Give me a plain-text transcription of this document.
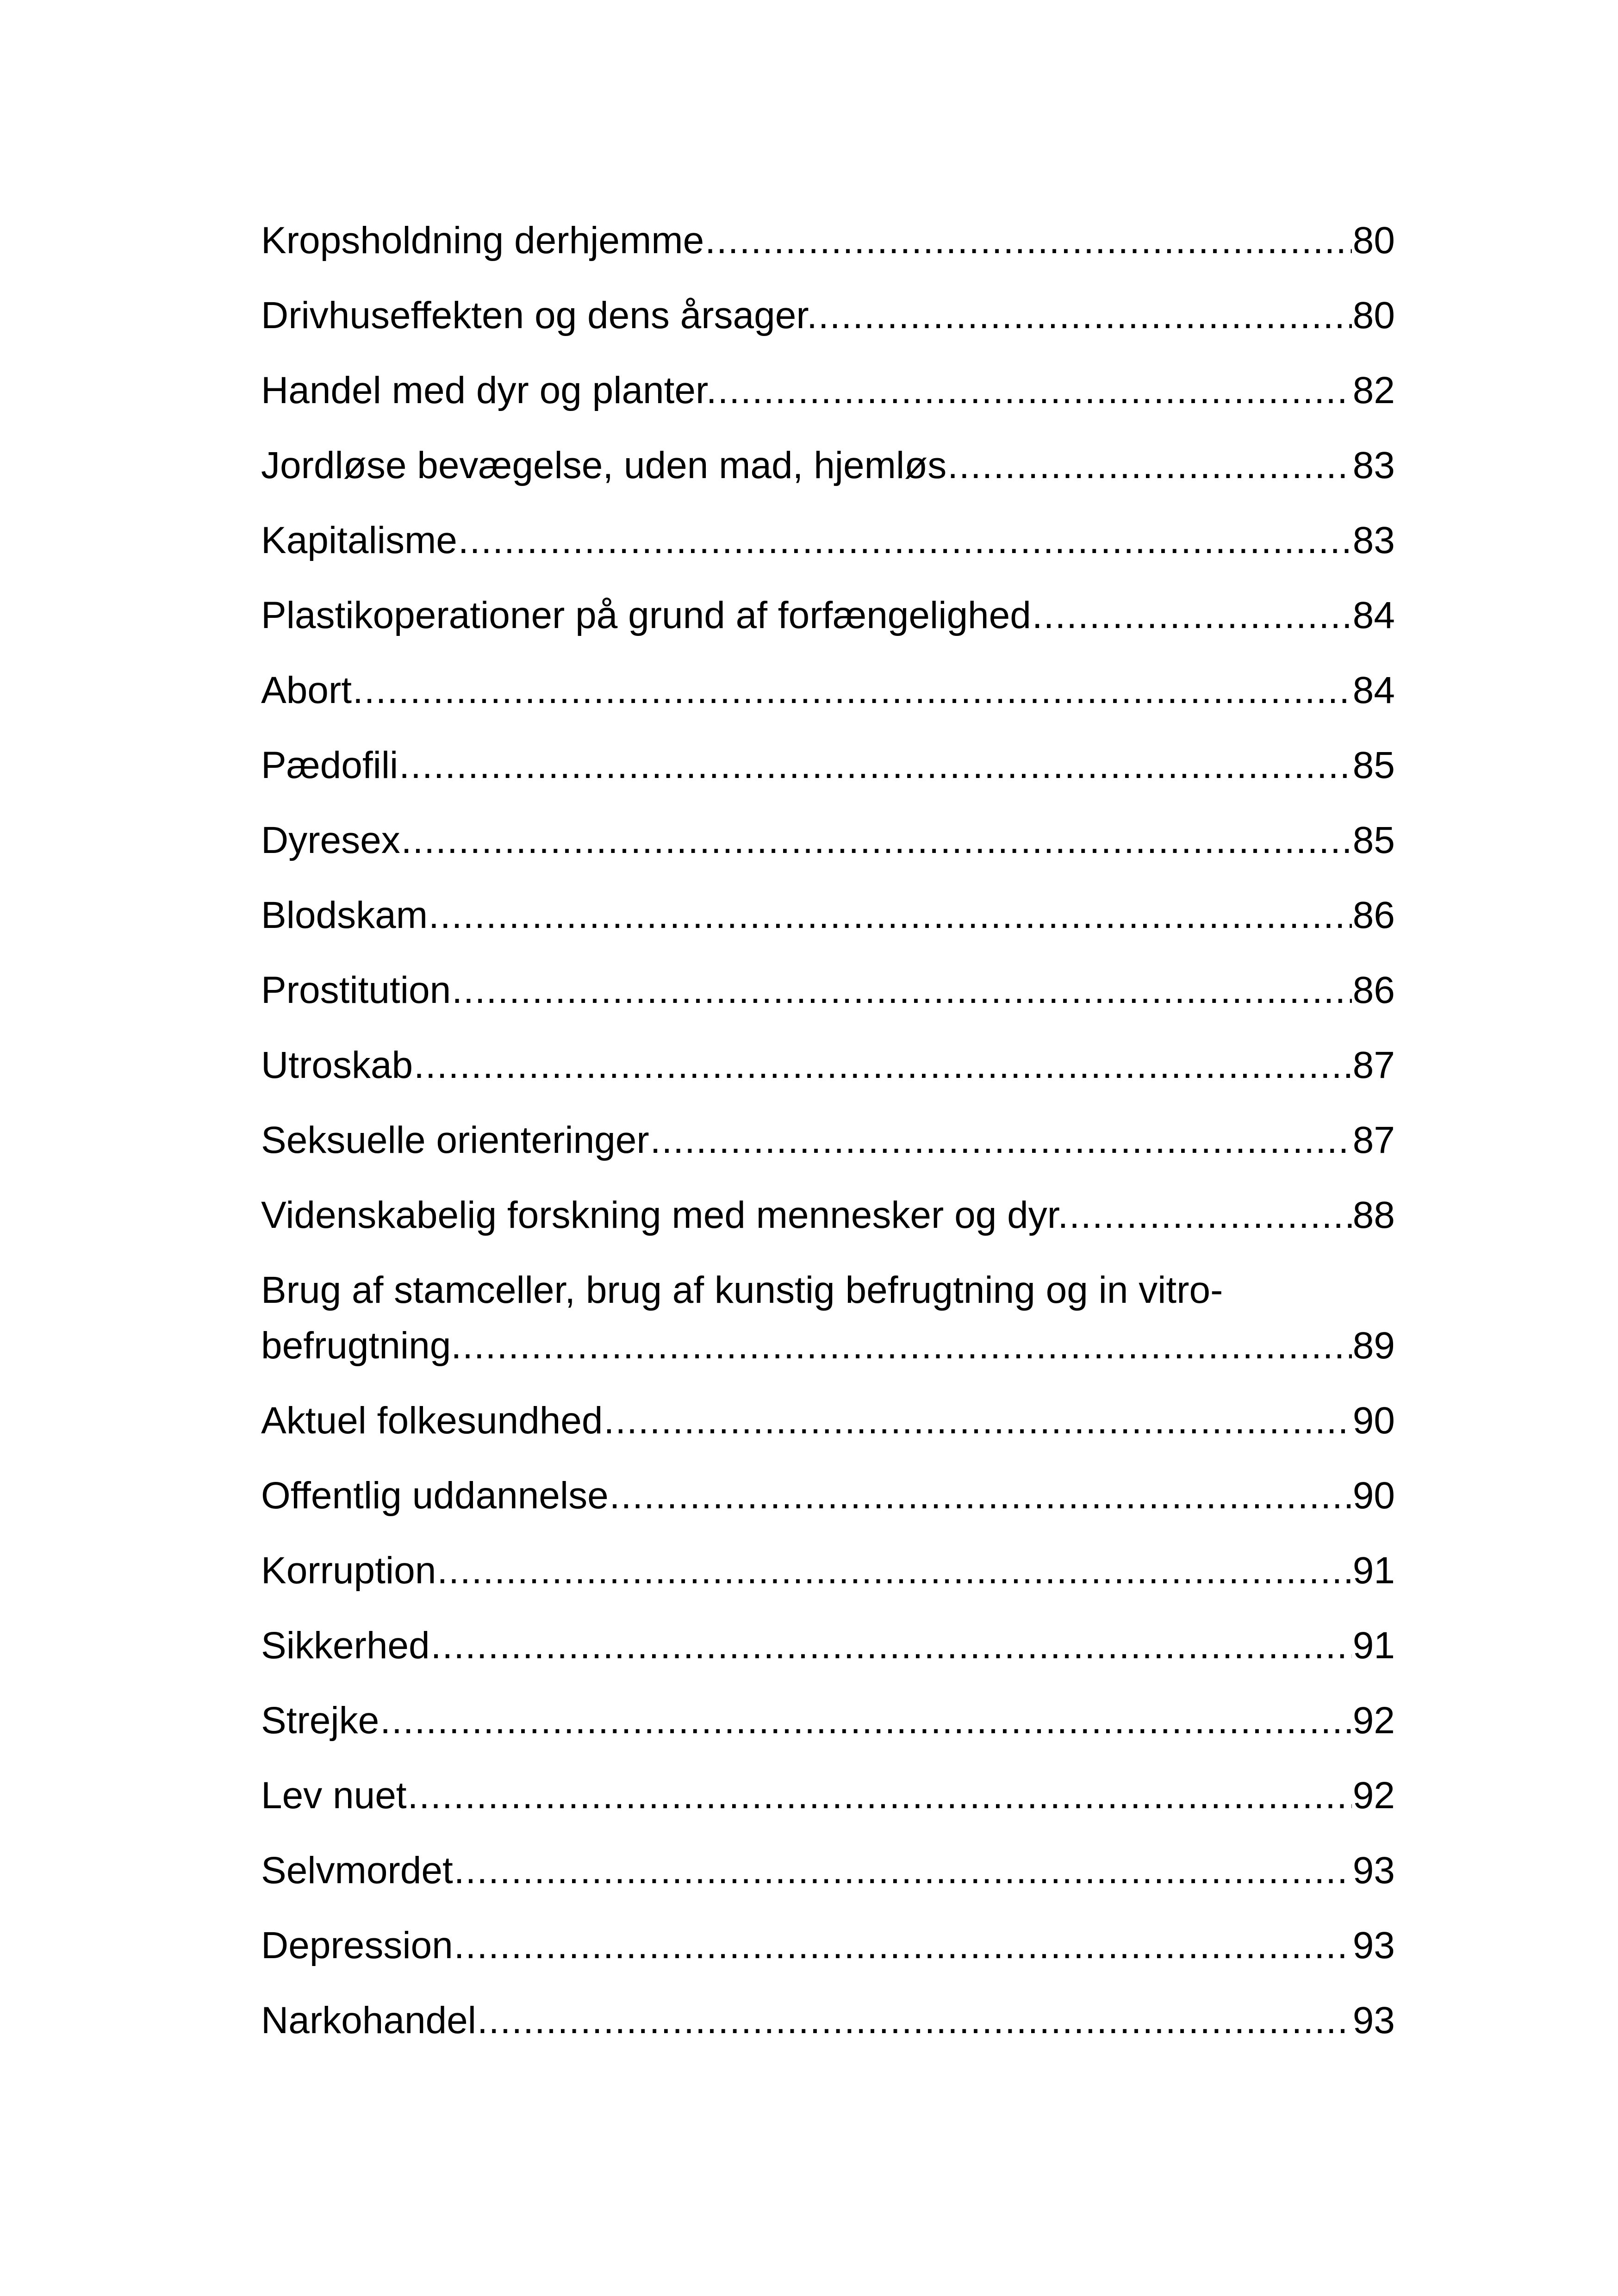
Kropsholdning derhjemme .....	80
Drivhuseffekten og dens årsager. .....	80
Handel med dyr og planter. .....	82
Jordløse bevægelse, uden mad, hjemløs .....	83
Kapitalisme .....	83
Plastikoperationer på grund af forfængelighed .....	84
Abort .....	84
Pædofili .....	85
Dyresex .....	85
Blodskam .....	86
Prostitution .....	86
Utroskab .....	87
Seksuelle orienteringer .....	87
Videnskabelig forskning med mennesker og dyr. .....	88
Brug af stamceller, brug af kunstig befrugtning og in vitro-
befrugtning. .....	89
Aktuel folkesundhed .....	90
Offentlig uddannelse .....	90
Korruption .....	91
Sikkerhed .....	91
Strejke .....	92
Lev nuet .....	92
Selvmordet .....	93
Depression .....	93
Narkohandel .....	93
